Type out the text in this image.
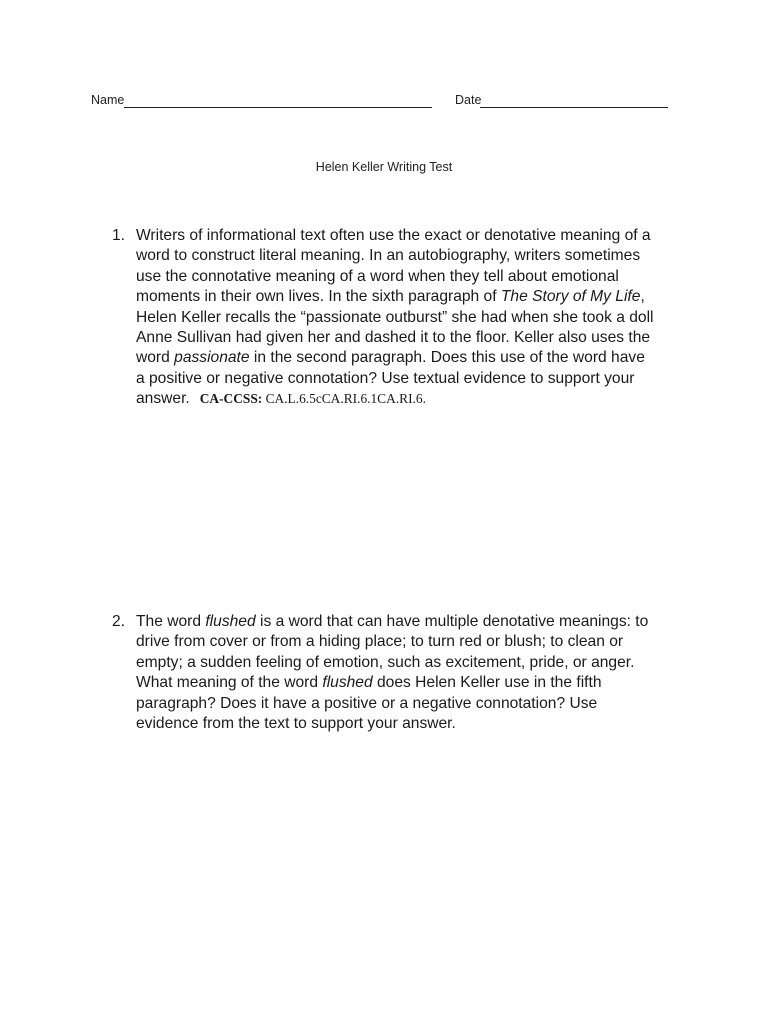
Name	Date
Helen Keller Writing Test
1. Writers of informational text often use the exact or denotative meaning of a
word to construct literal meaning. In an autobiography, writers sometimes
use the connotative meaning of a word when they tell about emotional
moments in their own lives. In the sixth paragraph of The Story of My Life,
Helen Keller recalls the “passionate outburst” she had when she took a doll
Anne Sullivan had given her and dashed it to the floor. Keller also uses the
word passionate in the second paragraph. Does this use of the word have
a positive or negative connotation? Use textual evidence to support your
answer. CA-CCSS: CA.L.6.5cCA.RI.6.1CA.RI.6.
2. The word flushed is a word that can have multiple denotative meanings: to
drive from cover or from a hiding place; to turn red or blush; to clean or
empty; a sudden feeling of emotion, such as excitement, pride, or anger.
What meaning of the word flushed does Helen Keller use in the fifth
paragraph? Does it have a positive or a negative connotation? Use
evidence from the text to support your answer.
